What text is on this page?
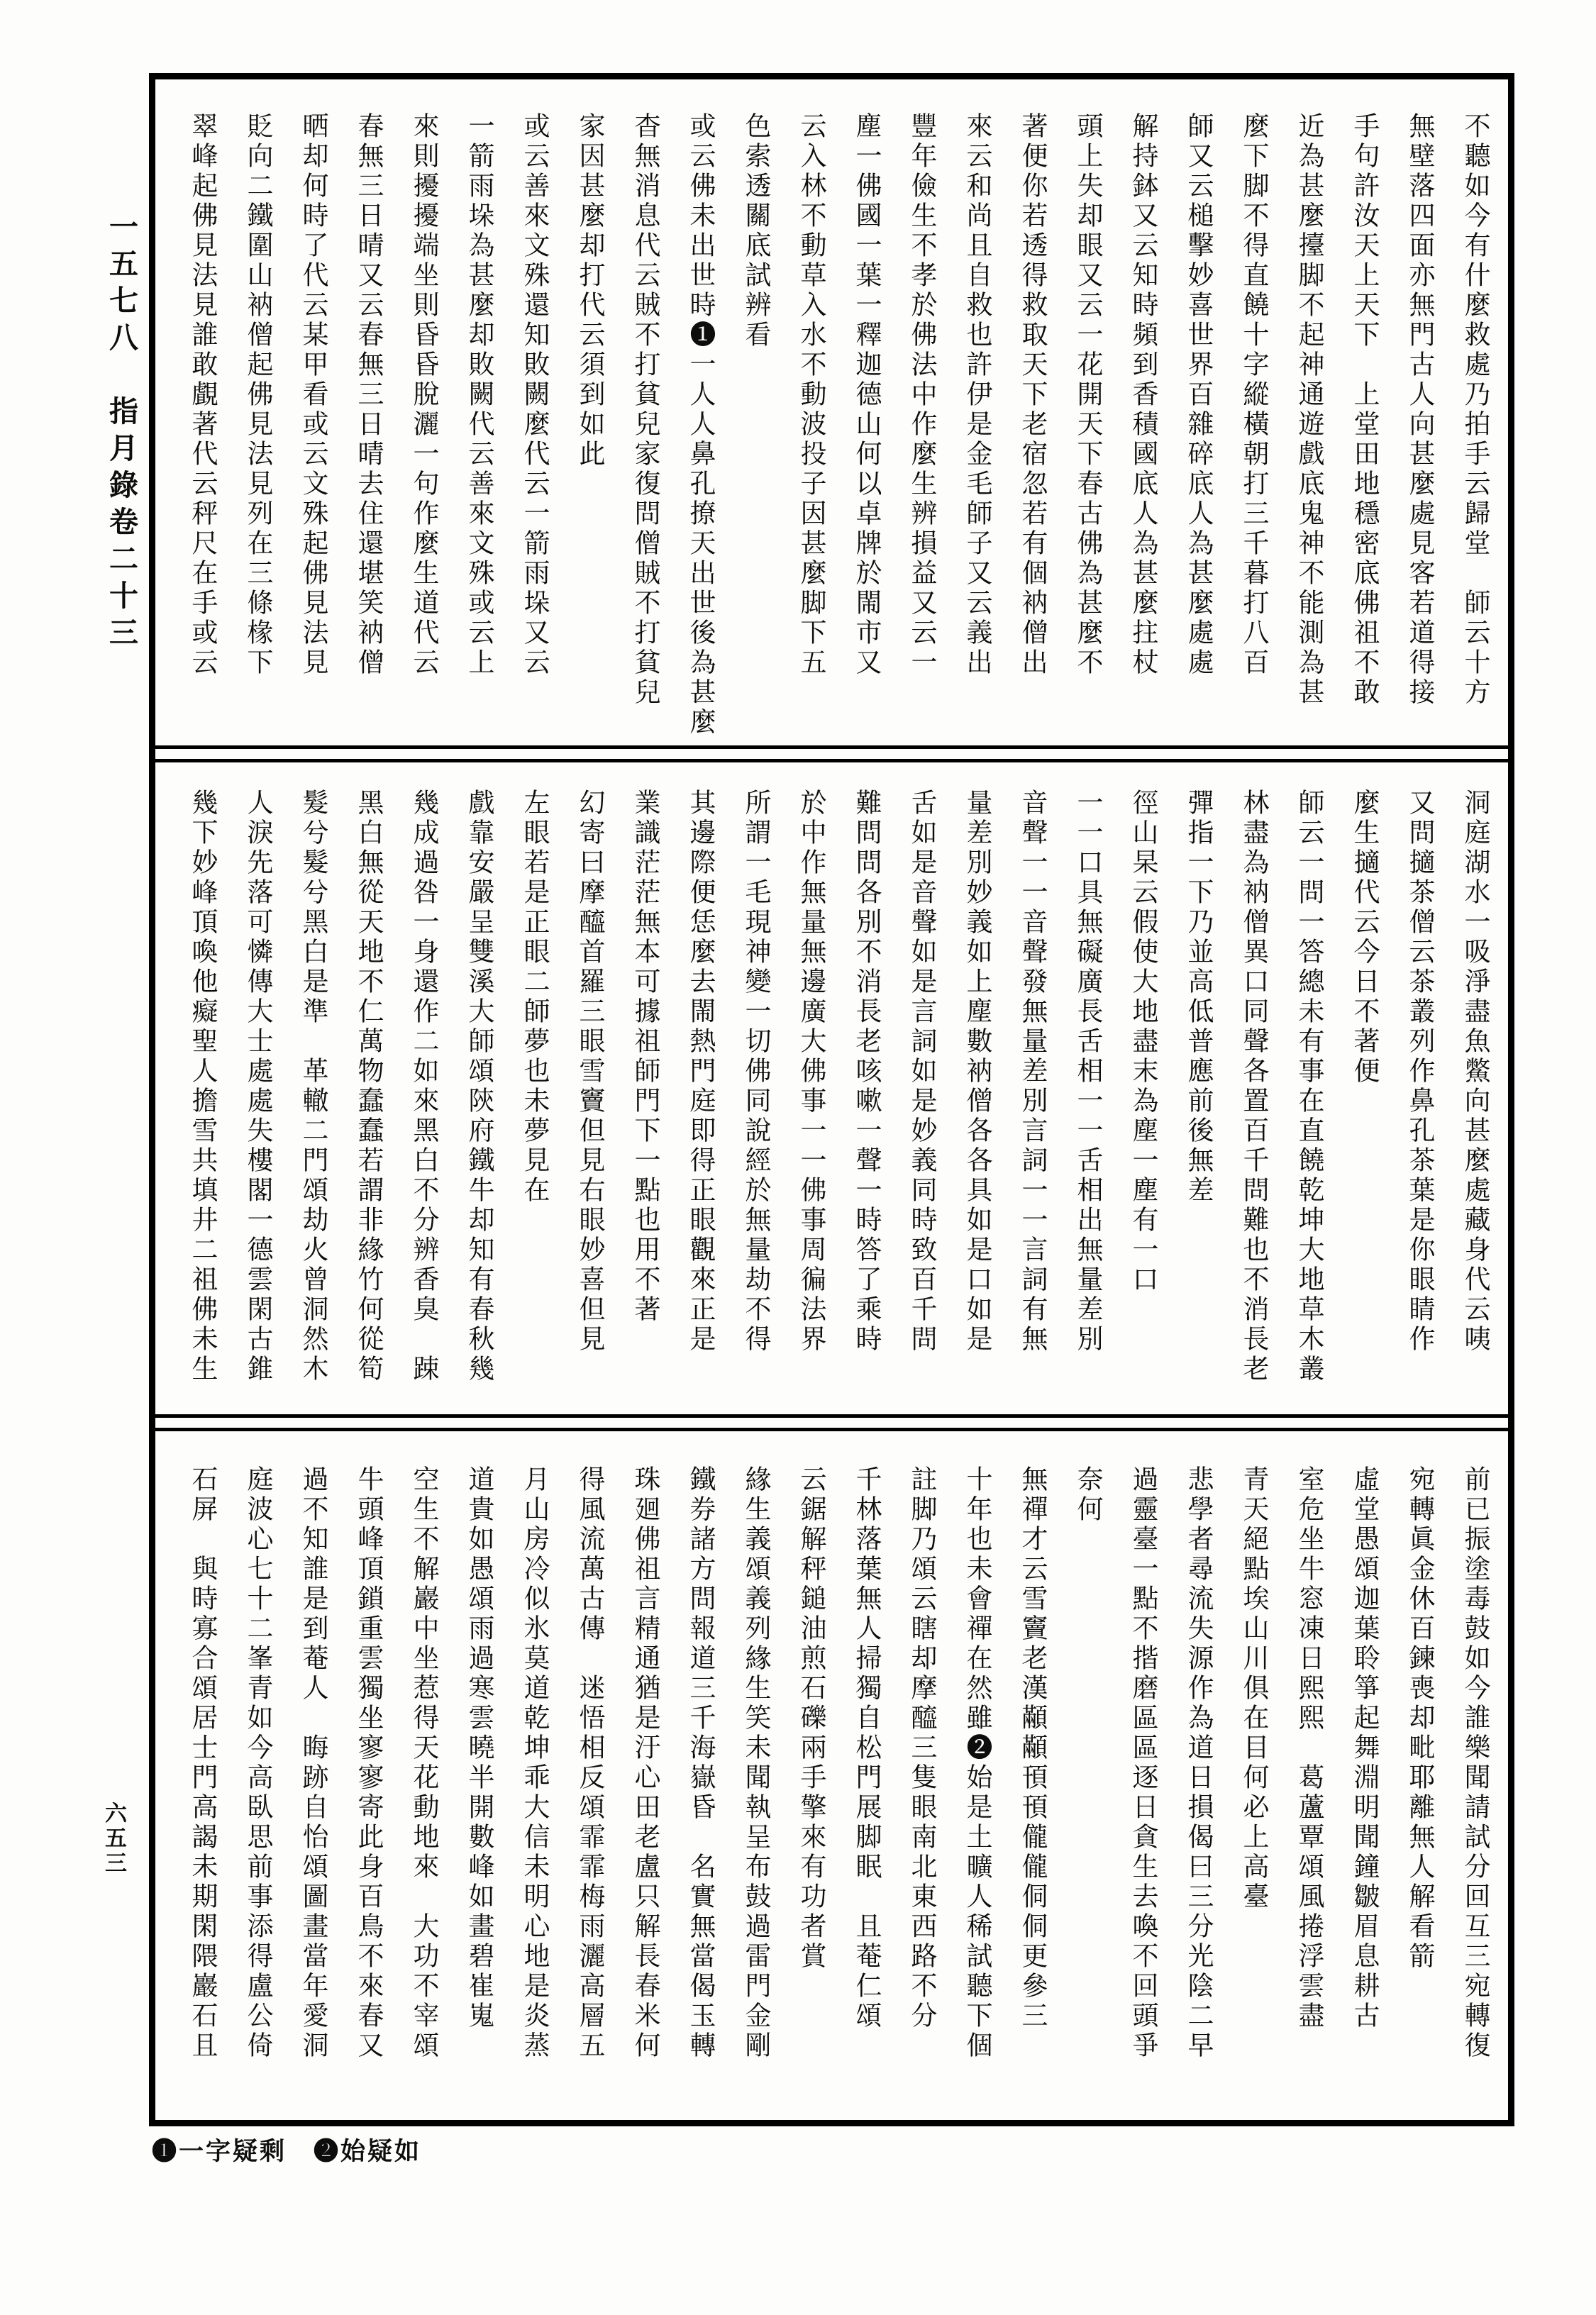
不聽如今有什麼救處乃拍手云歸堂　師云十方
無壁落四面亦無門古人向甚麼處見客若道得接
手句許汝天上天下　上堂田地穩密底佛祖不敢
近為甚麼擡脚不起神通遊戲底鬼神不能測為甚
麼下脚不得直饒十字縱橫朝打三千暮打八百
師又云槌擊妙喜世界百雜碎底人為甚麼處處
解持鉢又云知時頻到香積國底人為甚麼拄杖
頭上失却眼又云一花開天下春古佛為甚麼不
著便你若透得救取天下老宿忽若有個衲僧出
來云和尚且自救也許伊是金毛師子又云義出
豐年儉生不孝於佛法中作麼生辨損益又云一
塵一佛國一葉一釋迦德山何以卓牌於閙市又
云入林不動草入水不動波投子因甚麼脚下五
色索透關底試辨看
或云佛未出世時❶一人人鼻孔撩天出世後為甚麼
杳無消息代云賊不打貧兒家復問僧賊不打貧兒
家因甚麼却打代云須到如此
或云善來文殊還知敗闕麼代云一箭雨垛又云
一箭雨垛為甚麼却敗闕代云善來文殊或云上
來則擾擾端坐則昏昏脫灑一句作麼生道代云
春無三日晴又云春無三日晴去住還堪笑衲僧
晒却何時了代云某甲看或云文殊起佛見法見
貶向二鐵圍山衲僧起佛見法見列在三條椽下
翠峰起佛見法見誰敢覰著代云秤尺在手或云
洞庭湖水一吸淨盡魚鱉向甚麼處藏身代云咦
又問擿茶僧云茶叢列作鼻孔茶葉是你眼睛作
麼生擿代云今日不著便
師云一問一答總未有事在直饒乾坤大地草木叢
林盡為衲僧異口同聲各置百千問難也不消長老
彈指一下乃並高低普應前後無差
徑山杲云假使大地盡末為塵一塵有一口
一一口具無礙廣長舌相一一舌相出無量差別
音聲一一音聲發無量差別言詞一一言詞有無
量差別妙義如上塵數衲僧各各具如是口如是
舌如是音聲如是言詞如是妙義同時致百千問
難問問各別不消長老咳嗽一聲一時答了乘時
於中作無量無邊廣大佛事一一佛事周徧法界
所謂一毛現神變一切佛同說經於無量劫不得
其邊際便恁麼去閙熱門庭即得正眼觀來正是
業識茫茫無本可據祖師門下一點也用不著
幻寄曰摩醯首羅三眼雪竇但見右眼妙喜但見
左眼若是正眼二師夢也未夢見在
戲靠安嚴呈雙溪大師頌陝府鐵牛却知有春秋幾
幾成過咎一身還作二如來黑白不分辨香臭　踈
黑白無從天地不仁萬物蠢蠢若謂非緣竹何從筍
髮兮髮兮黑白是準　革轍二門頌劫火曾洞然木
人淚先落可憐傳大士處處失樓閣一德雲閑古錐
幾下妙峰頂喚他癡聖人擔雪共填井二祖佛未生
前已振塗毒鼓如今誰樂聞請試分回互三宛轉復
宛轉眞金休百鍊喪却毗耶離無人解看箭
虛堂愚頌迦葉聆箏起舞淵明聞鐘皺眉息耕古
室危坐牛窓凍日熙熙　葛蘆覃頌風捲浮雲盡
青天絕點埃山川俱在目何必上高臺
悲學者尋流失源作為道日損偈曰三分光陰二早
過靈臺一點不揩磨區區逐日貪生去喚不回頭爭
奈何
無禪才云雪竇老漢顢顢頇頇儱儱侗侗更參三
十年也未會禪在然雖❷始是土曠人稀試聽下個
註脚乃頌云瞎却摩醯三隻眼南北東西路不分
千林落葉無人掃獨自松門展脚眠　且菴仁頌
云鋸解秤鎚油煎石礫兩手擎來有功者賞
緣生義頌義列緣生笑未聞執呈布鼓過雷門金剛
鐵券諸方問報道三千海嶽昏　名實無當偈玉轉
珠廻佛祖言精通猶是汙心田老盧只解長春米何
得風流萬古傳　迷悟相反頌霏霏梅雨灑高層五
月山房冷似氷莫道乾坤乖大信未明心地是炎蒸
道貴如愚頌雨過寒雲曉半開數峰如畫碧崔嵬
空生不解巖中坐惹得天花動地來　大功不宰頌
牛頭峰頂鎖重雲獨坐寥寥寄此身百鳥不來春又
過不知誰是到菴人　晦跡自怡頌圖畫當年愛洞
庭波心七十二峯青如今高臥思前事添得盧公倚
石屏　與時寡合頌居士門高謁未期閑隈巖石且
一五七八　指月錄卷二十三
六五三
❶一字疑剩　❷始疑如
